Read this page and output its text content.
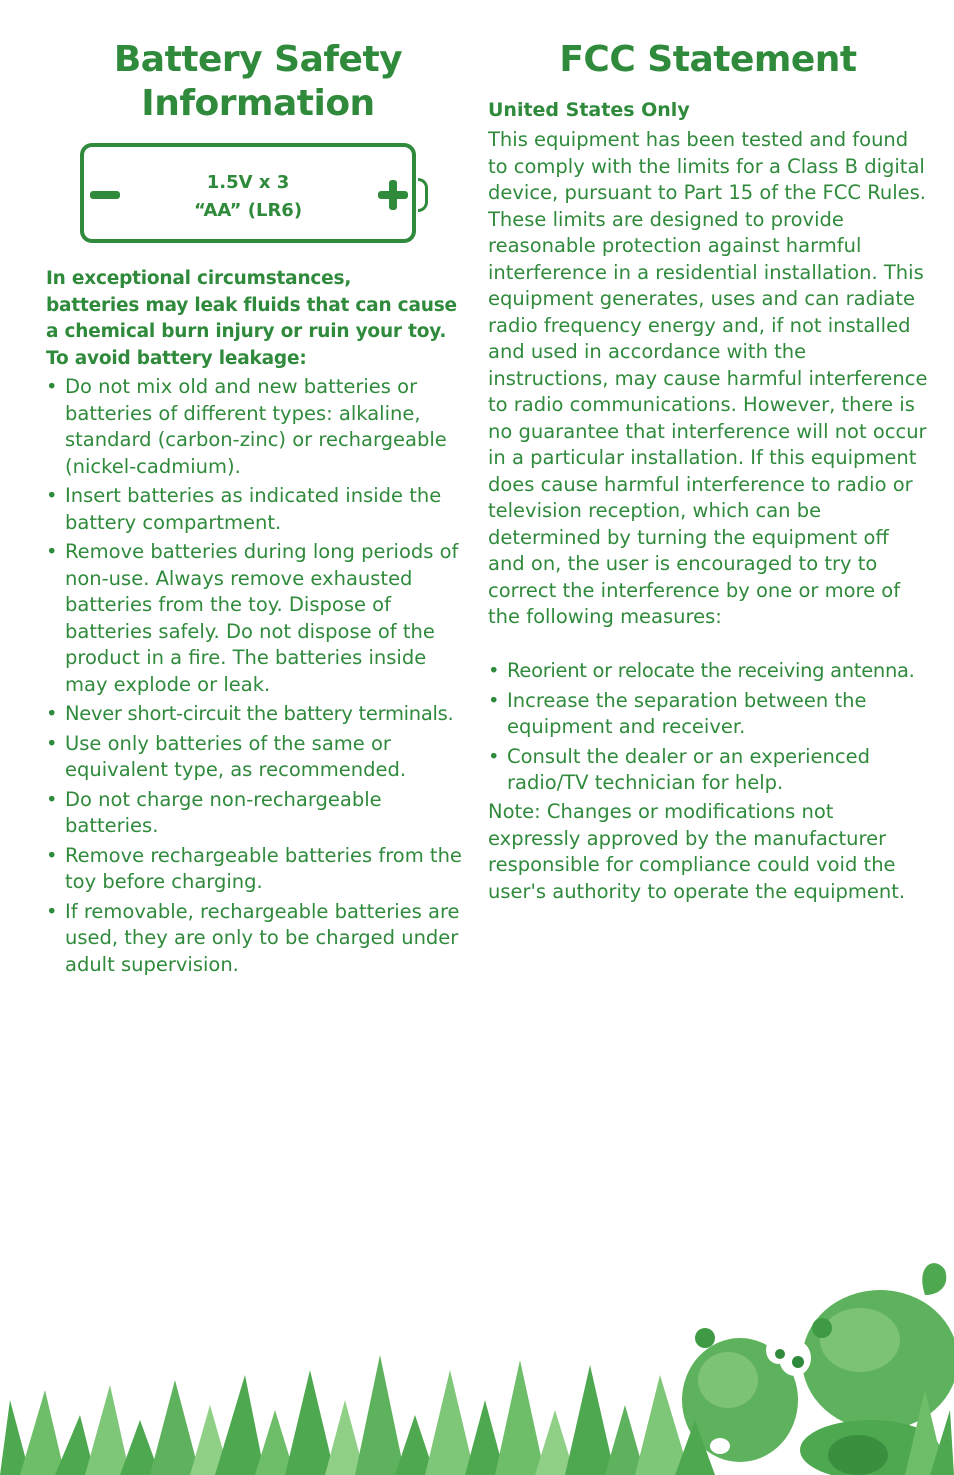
Battery Safety
Information
1.5V x 3
“AA” (LR6)
In exceptional circumstances,
batteries may leak fluids that can cause
a chemical burn injury or ruin your toy.
To avoid battery leakage:
• Do not mix old and new batteries or batteries of different types: alkaline, standard (carbon-zinc) or rechargeable (nickel-cadmium).
• Insert batteries as indicated inside the battery compartment.
• Remove batteries during long periods of non-use. Always remove exhausted batteries from the toy. Dispose of batteries safely. Do not dispose of the product in a fire. The batteries inside may explode or leak.
• Never short-circuit the battery terminals.
• Use only batteries of the same or equivalent type, as recommended.
• Do not charge non-rechargeable batteries.
• Remove rechargeable batteries from the toy before charging.
• If removable, rechargeable batteries are used, they are only to be charged under adult supervision.
FCC Statement
United States Only
This equipment has been tested and found to comply with the limits for a Class B digital device, pursuant to Part 15 of the FCC Rules. These limits are designed to provide reasonable protection against harmful interference in a residential installation. This equipment generates, uses and can radiate radio frequency energy and, if not installed and used in accordance with the instructions, may cause harmful interference to radio communications. However, there is no guarantee that interference will not occur in a particular installation. If this equipment does cause harmful interference to radio or television reception, which can be determined by turning the equipment off and on, the user is encouraged to try to correct the interference by one or more of the following measures:
• Reorient or relocate the receiving antenna.
• Increase the separation between the equipment and receiver.
• Consult the dealer or an experienced radio/TV technician for help.
Note: Changes or modifications not expressly approved by the manufacturer responsible for compliance could void the user's authority to operate the equipment.
